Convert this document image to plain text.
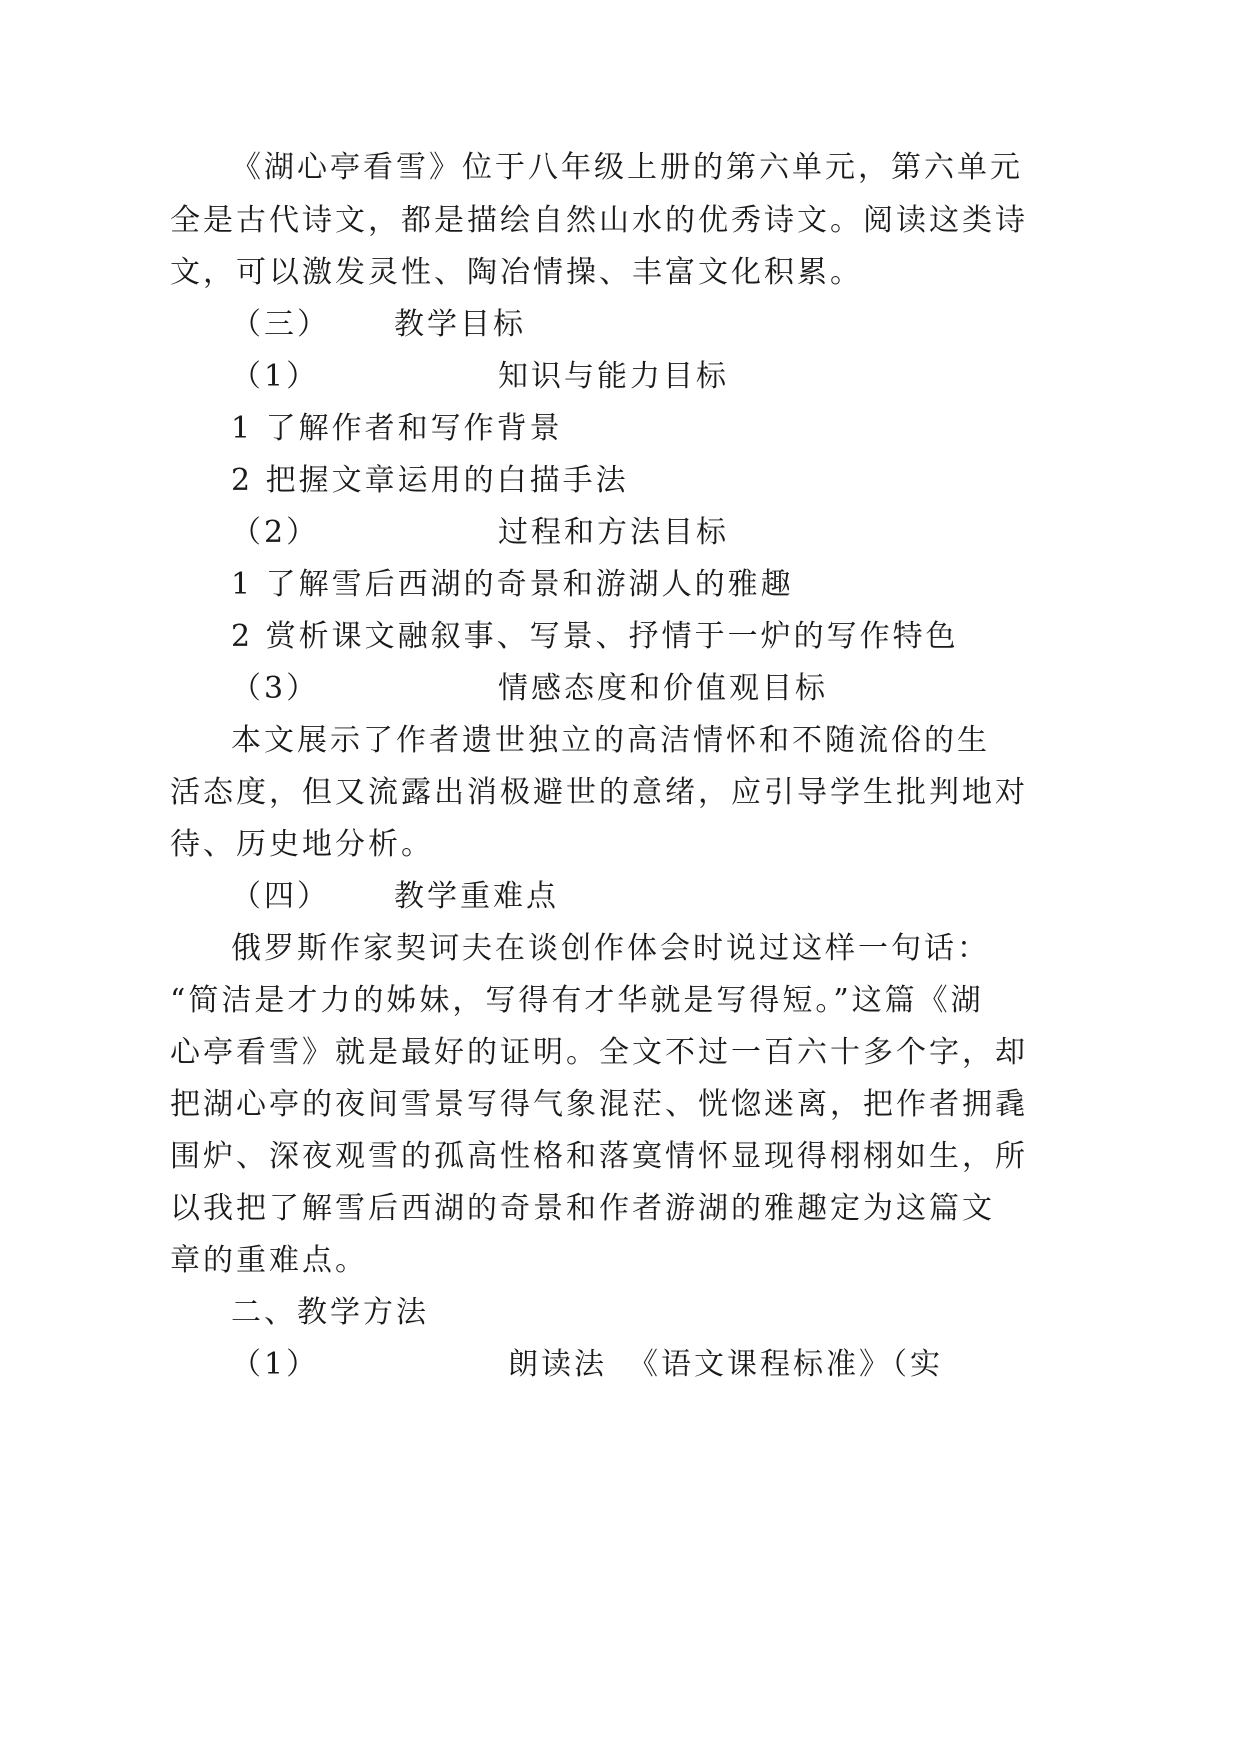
《湖心亭看雪》位于八年级上册的第六单元，第六单元
全是古代诗文，都是描绘自然山水的优秀诗文。阅读这类诗
文，可以激发灵性、陶冶情操、丰富文化积累。
（三） 教学目标
（1）	知识与能力目标
1 了解作者和写作背景
2 把握文章运用的白描手法
（2）	过程和方法目标
1 了解雪后西湖的奇景和游湖人的雅趣
2 赏析课文融叙事、写景、抒情于一炉的写作特色
（3）	情感态度和价值观目标
本文展示了作者遗世独立的高洁情怀和不随流俗的生
活态度，但又流露出消极避世的意绪，应引导学生批判地对
待、历史地分析。
（四） 教学重难点
俄罗斯作家契诃夫在谈创作体会时说过这样一句话：
“简洁是才力的姊妹，写得有才华就是写得短。”这篇《湖
心亭看雪》就是最好的证明。全文不过一百六十多个字，却
把湖心亭的夜间雪景写得气象混茫、恍惚迷离，把作者拥毳
围炉、深夜观雪的孤高性格和落寞情怀显现得栩栩如生，所
以我把了解雪后西湖的奇景和作者游湖的雅趣定为这篇文
章的重难点。
二、教学方法
（1）	朗读法 《语文课程标准》（实
